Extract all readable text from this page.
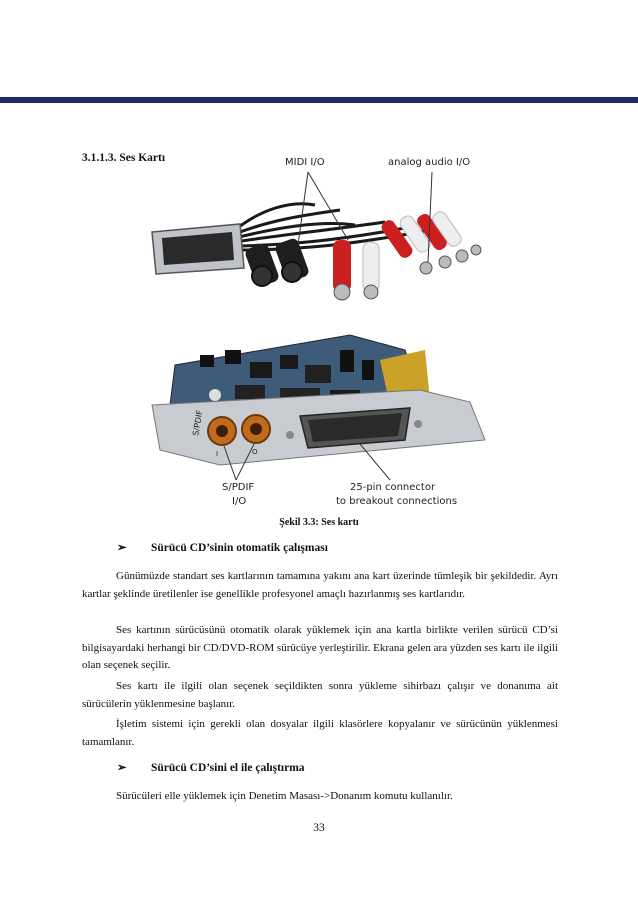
3.1.1.3. Ses Kartı
S/PDIF
I	O
MIDI I/O	analog audio I/O
S/PDIF
I/O
25-pin connector
to breakout connections
Şekil 3.3: Ses kartı
➢ Sürücü CD’sinin otomatik çalışması

Günümüzde standart ses kartlarının tamamına yakını ana kart üzerinde tümleşik bir şekildedir. Ayrı kartlar şeklinde üretilenler ise genellikle profesyonel amaçlı hazırlanmış ses kartlarıdır.

Ses kartının sürücüsünü otomatik olarak yüklemek için ana kartla birlikte verilen sürücü CD’si bilgisayardaki herhangi bir CD/DVD-ROM sürücüye yerleştirilir. Ekrana gelen ara yüzden ses kartı ile ilgili olan seçenek seçilir.

Ses kartı ile ilgili olan seçenek seçildikten sonra yükleme sihirbazı çalışır ve donanıma ait sürücülerin yüklenmesine başlanır.

İşletim sistemi için gerekli olan dosyalar ilgili klasörlere kopyalanır ve sürücünün yüklenmesi tamamlanır.

➢ Sürücü CD’sini el ile çalıştırma

Sürücüleri elle yüklemek için Denetim Masası->Donanım komutu kullanılır.

33
